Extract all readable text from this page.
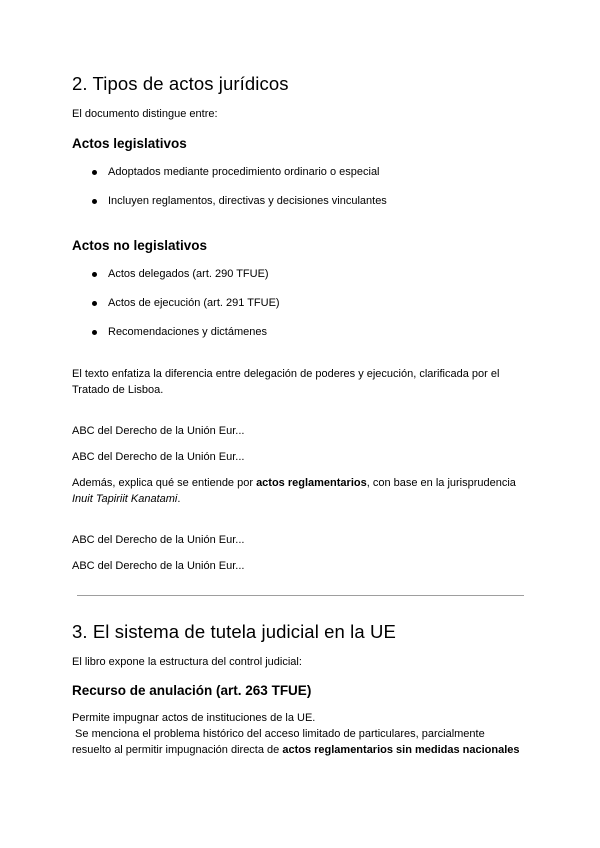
2. Tipos de actos jurídicos
El documento distingue entre:
Actos legislativos
Adoptados mediante procedimiento ordinario o especial
Incluyen reglamentos, directivas y decisiones vinculantes
Actos no legislativos
Actos delegados (art. 290 TFUE)
Actos de ejecución (art. 291 TFUE)
Recomendaciones y dictámenes
El texto enfatiza la diferencia entre delegación de poderes y ejecución, clarificada por el
Tratado de Lisboa.
ABC del Derecho de la Unión Eur...
ABC del Derecho de la Unión Eur...
Además, explica qué se entiende por actos reglamentarios, con base en la jurisprudencia
Inuit Tapiriit Kanatami.
ABC del Derecho de la Unión Eur...
ABC del Derecho de la Unión Eur...
3. El sistema de tutela judicial en la UE
El libro expone la estructura del control judicial:
Recurso de anulación (art. 263 TFUE)
Permite impugnar actos de instituciones de la UE.
Se menciona el problema histórico del acceso limitado de particulares, parcialmente
resuelto al permitir impugnación directa de actos reglamentarios sin medidas nacionales
